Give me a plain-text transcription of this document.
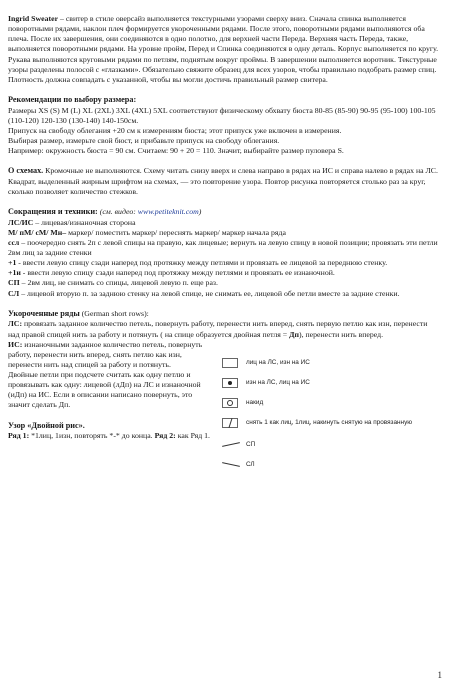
Ingrid Sweater – свитер в стиле оверсайз выполняется текстурными узорами сверху вниз. Сначала спинка выполняется поворотными рядами, наклон плеч формируется укороченными рядами. После этого, поворотными рядами выполняются оба плеча. После их завершения, они соединяются в одно полотно, для верхней части Переда. Верхняя часть Переда, также, выполняется поворотными рядами. На уровне пройм, Перед и Спинка соединяются в одну деталь. Корпус выполняется по кругу. Рукава выполняются круговыми рядами по петлям, поднятым вокруг проймы. В завершении выполняется воротник. Текстурные узоры разделены полосой с «глазками». Обязательно свяжите образец для всех узоров, чтобы правильно подобрать размер спиц. Плотность должна совпадать с указанной, чтобы вы могли достичь правильный размер свитера.

Рекомендации по выбору размера:

Размеры XS (S) M (L) XL (2XL) 3XL (4XL) 5XL соответствуют физическому обхвату бюста 80-85 (85-90) 90-95 (95-100) 100-105 (110-120) 120-130 (130-140) 140-150см.

Припуск на свободу облегания +20 см к измерениям бюста; этот припуск уже включен в измерения.

Выбирая размер, измерьте свой бюст, и прибавьте припуск на свободу облегания.

Например: окружность бюста = 90 см. Считаем: 90 + 20 = 110. Значит, выбирайте размер пуловера S.

О схемах. Кромочные не выполняются. Схему читать снизу вверх и слева направо в рядах на ИС и справа налево в рядах на ЛС. Квадрат, выделенный жирным шрифтом на схемах, — это повторение узора. Повтор рисунка повторяется столько раз за круг, сколько позволяет количество стежков.

Сокращения и техники: (см. видео: www.petiteknit.com)

ЛС/ИС – лицевая/изнаночная сторона

М/ пМ/ сМ/ Мн– маркер/ поместить маркер/ переснять маркер/ маркер начала ряда

ссл – поочередно снять 2п с левой спицы на правую, как лицевые; вернуть на левую спицу в новой позиции; провязать эти петли 2вм лиц за задние стенки

+1 - ввести левую спицу сзади наперед под протяжку между петлями и провязать ее лицевой за переднюю стенку.

+1и - ввести левую спицу сзади наперед под протяжку между петлями и провязать ее изнаночной.

СП – 2вм лиц, не снимать со спицы, лицевой левую п. еще раз.

СЛ – лицевой вторую п. за заднюю стенку на левой спице, не снимать ее, лицевой обе петли вместе за задние стенки.

Укороченные ряды (German short rows):

ЛС: провязать заданное количество петель, повернуть работу, перенести нить вперед, снять первую петлю как изн, перенести над правой спицей нить за работу и потянуть ( на спице образуется двойная петля = Дп), перенести нить вперед.

ИС: изнаночными заданное количество петель, повернуть работу, перенести нить вперед, снять петлю как изн, перенести нить над спицей за работу и потянуть.

Двойные петли при подсчете считать как одну петлю и провязывать как одну: лицевой (лДп) на ЛС и изнаночной (иДп) на ИС. Если в описании написано повернуть, это значит сделать Дп.

лиц на ЛС, изн на ИС
изн на ЛС, лиц на ИС
накид
снять 1 как лиц, 1лиц, накинуть снятую на провязанную
СП
СЛ

Узор «Двойной рис».

Ряд 1: *1лиц, 1изн, повторять *-* до конца. Ряд 2: как Ряд 1.

1
